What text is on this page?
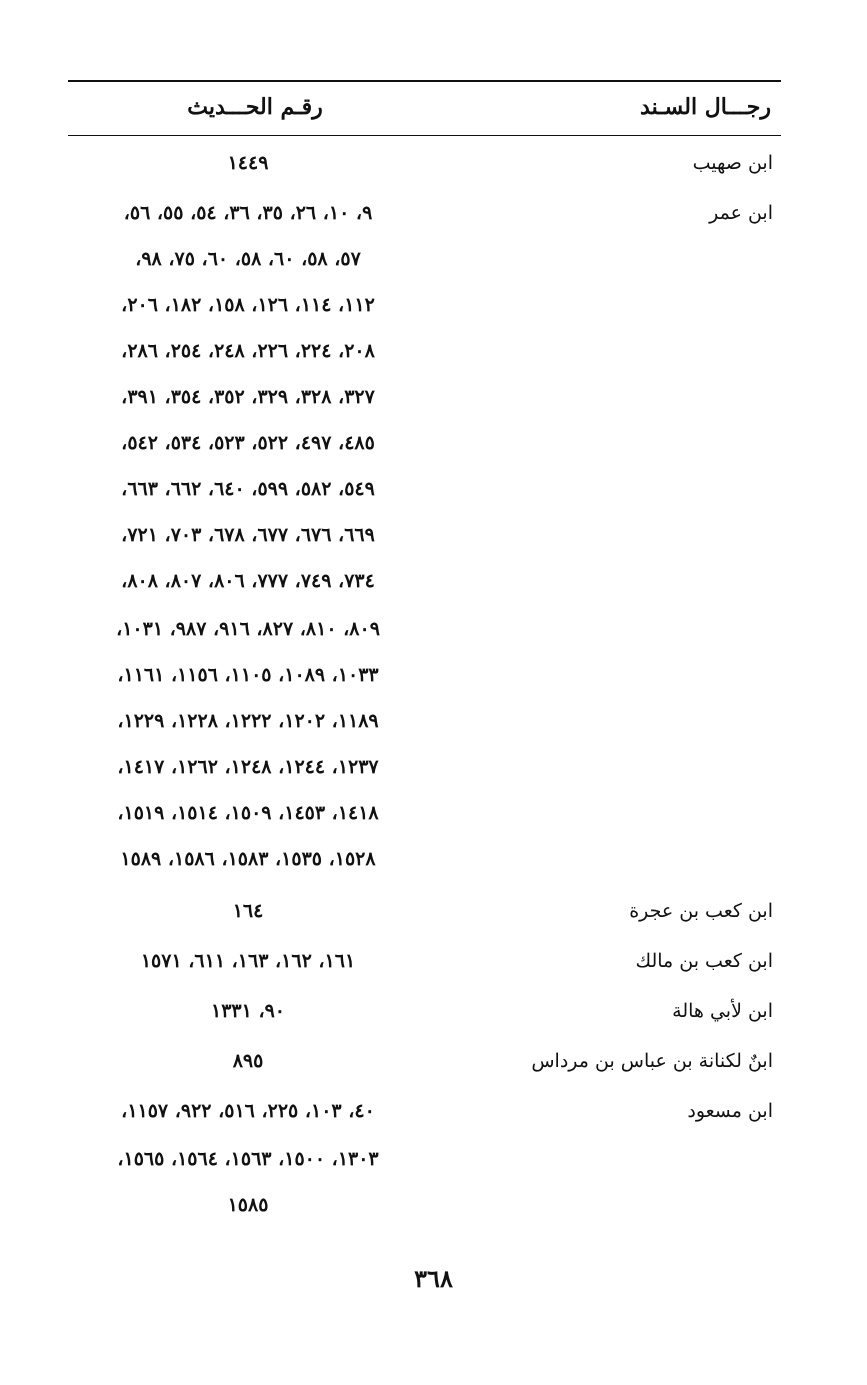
رجـــال السـند
رقـم الحـــديث
ابن صهيب
١٤٤٩
ابن عمر
٩، ١٠، ٢٦، ٣٥، ٣٦، ٥٤، ٥٥، ٥٦،
٥٧، ٥٨، ٦٠، ٥٨، ٦٠، ٧٥، ٩٨،
١١٢، ١١٤، ١٢٦، ١٥٨، ١٨٢، ٢٠٦،
٢٠٨، ٢٢٤، ٢٢٦، ٢٤٨، ٢٥٤، ٢٨٦،
٣٢٧، ٣٢٨، ٣٢٩، ٣٥٢، ٣٥٤، ٣٩١،
٤٨٥، ٤٩٧، ٥٢٢، ٥٢٣، ٥٣٤، ٥٤٢،
٥٤٩، ٥٨٢، ٥٩٩، ٦٤٠، ٦٦٢، ٦٦٣،
٦٦٩، ٦٧٦، ٦٧٧، ٦٧٨، ٧٠٣، ٧٢١،
٧٣٤، ٧٤٩، ٧٧٧، ٨٠٦، ٨٠٧، ٨٠٨،
٨٠٩، ٨١٠، ٨٢٧، ٩١٦، ٩٨٧، ١٠٣١،
١٠٣٣، ١٠٨٩، ١١٠٥، ١١٥٦، ١١٦١،
١١٨٩، ١٢٠٢، ١٢٢٢، ١٢٢٨، ١٢٢٩،
١٢٣٧، ١٢٤٤، ١٢٤٨، ١٢٦٢، ١٤١٧،
١٤١٨، ١٤٥٣، ١٥٠٩، ١٥١٤، ١٥١٩،
١٥٢٨، ١٥٣٥، ١٥٨٣، ١٥٨٦، ١٥٨٩
ابن كعب بن عجرة
١٦٤
ابن كعب بن مالك
١٦١، ١٦٢، ١٦٣، ٦١١، ١٥٧١
ابن لأبي هالة
٩٠، ١٣٣١
ابنٌ لكنانة بن عباس بن مرداس
٨٩٥
ابن مسعود
٤٠، ١٠٣، ٢٢٥، ٥١٦، ٩٢٢، ١١٥٧،
١٣٠٣، ١٥٠٠، ١٥٦٣، ١٥٦٤، ١٥٦٥،
١٥٨٥
٣٦٨
